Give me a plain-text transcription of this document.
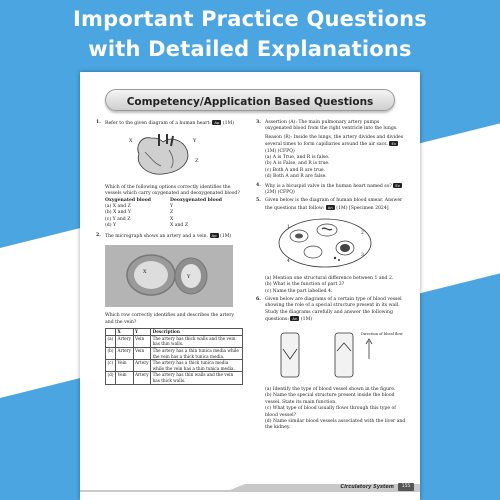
Important Practice Questions
with Detailed Explanations
Competency/Application Based Questions
1. Refer to the given diagram of a human heart: Ap (1M)
X	Y
Z
Which of the following options correctly identifies the vessels which carry oxygenated and deoxygenated blood?
Oxygenated blood	Deoxygenated blood
(a) X and Z	Y
(b) X and Y	Z
(c) Y and Z	X
(d) Y	X and Z
2. The micrograph shows an artery and a vein. Ap (1M)
X
Y
Which row correctly identifies and describes the artery and the vein?
	X	Y	Description
(a)	Artery	Vein	The artery has thick walls and the vein has thin walls.
(b)	Artery	Vein	The artery has a thin tunica media while the vein has a thick tunica media.
(c)	Vein	Artery	The artery has a thick tunica media while the vein has a thin tunica media.
(d)	Vein	Artery	The artery has thin walls and the vein has thick walls.
3. Assertion (A): The main pulmonary artery pumps oxygenated blood from the right ventricle into the lungs.
Reason (R): Inside the lungs, the artery divides and divides several times to form capillaries around the air sacs. Ev (1M) (CFPQ)
(a) A is True, and R is false.
(b) A is False, and R is true.
(c) Both A and R are true.
(d) Both A and R are false.
4. Why is a bicuspid valve in the human heart named so? Ev (2M) (CFPQ)
5. Given below is the diagram of human blood smear. Answer the questions that follow: An (1M) [Specimen 2024]
1
2
3
4
(a) Mention one structural difference between 1 and 2.
(b) What is the function of part 3?
(c) Name the part labelled 4.
6. Given below are diagrams of a certain type of blood vessel showing the role of a special structure present in its wall. Study the diagrams carefully and answer the following questions: An (1M)
Direction of blood flow
(a) Identify the type of blood vessel shown in the figure.
(b) Name the special structure present inside the blood vessel. State its main function.
(c) What type of blood usually flows through this type of blood vessel?
(d) Name similar blood vessels associated with the liver and the kidney.
Circulatory System	155
